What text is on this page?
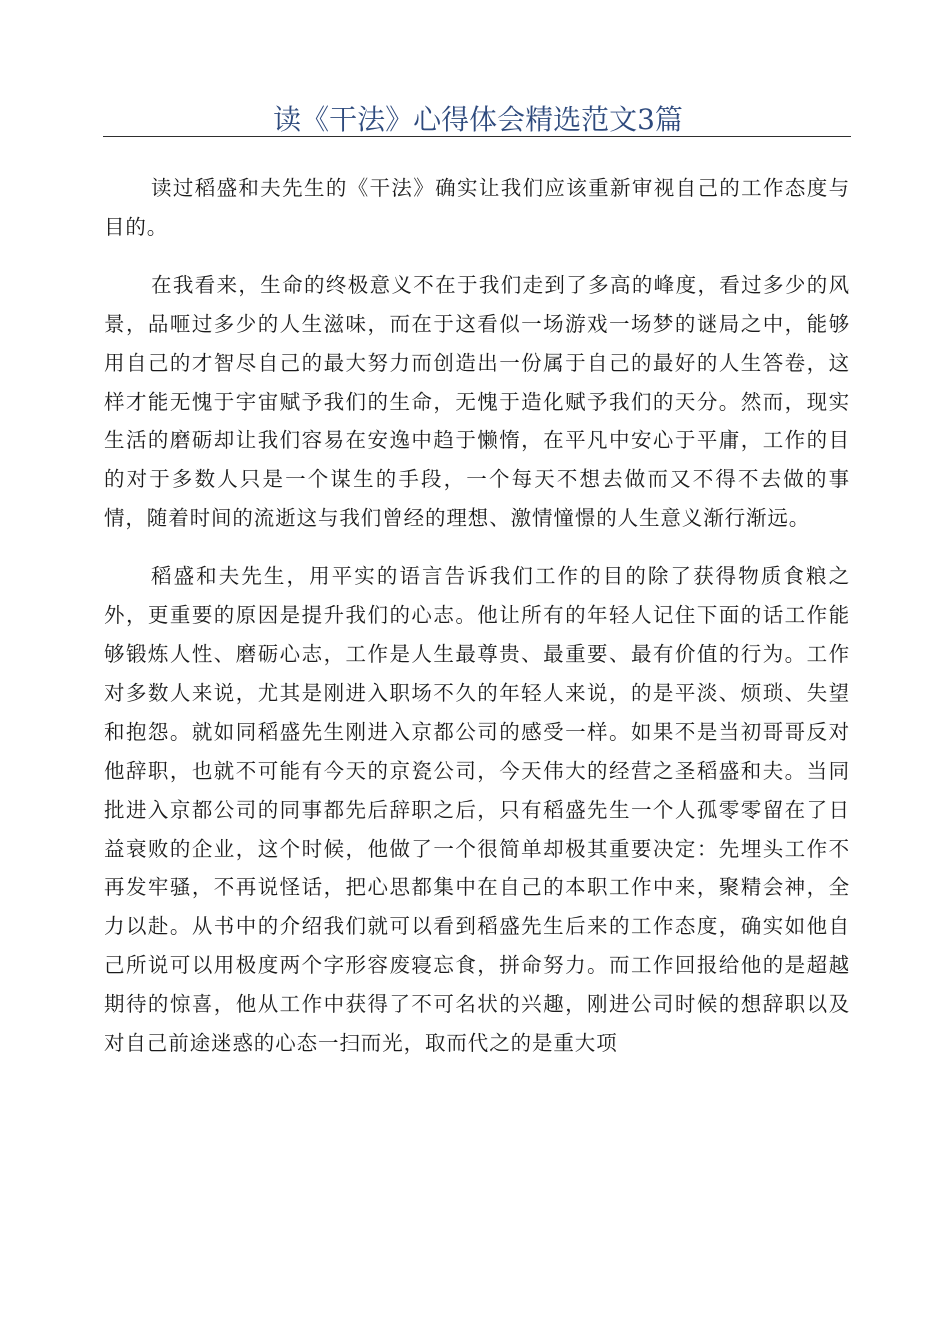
读《干法》心得体会精选范文3篇

读过稻盛和夫先生的《干法》确实让我们应该重新审视自己的工作态度与目的。

在我看来，生命的终极意义不在于我们走到了多高的峰度，看过多少的风景，品咂过多少的人生滋味，而在于这看似一场游戏一场梦的谜局之中，能够用自己的才智尽自己的最大努力而创造出一份属于自己的最好的人生答卷，这样才能无愧于宇宙赋予我们的生命，无愧于造化赋予我们的天分。然而，现实生活的磨砺却让我们容易在安逸中趋于懒惰，在平凡中安心于平庸，工作的目的对于多数人只是一个谋生的手段，一个每天不想去做而又不得不去做的事情，随着时间的流逝这与我们曾经的理想、激情憧憬的人生意义渐行渐远。

稻盛和夫先生，用平实的语言告诉我们工作的目的除了获得物质食粮之外，更重要的原因是提升我们的心志。他让所有的年轻人记住下面的话工作能够锻炼人性、磨砺心志，工作是人生最尊贵、最重要、最有价值的行为。工作对多数人来说，尤其是刚进入职场不久的年轻人来说，的是平淡、烦琐、失望和抱怨。就如同稻盛先生刚进入京都公司的感受一样。如果不是当初哥哥反对他辞职，也就不可能有今天的京瓷公司，今天伟大的经营之圣稻盛和夫。当同批进入京都公司的同事都先后辞职之后，只有稻盛先生一个人孤零零留在了日益衰败的企业，这个时候，他做了一个很简单却极其重要决定：先埋头工作不再发牢骚，不再说怪话，把心思都集中在自己的本职工作中来，聚精会神，全力以赴。从书中的介绍我们就可以看到稻盛先生后来的工作态度，确实如他自己所说可以用极度两个字形容废寝忘食，拼命努力。而工作回报给他的是超越期待的惊喜，他从工作中获得了不可名状的兴趣，刚进公司时候的想辞职以及对自己前途迷惑的心态一扫而光，取而代之的是重大项
